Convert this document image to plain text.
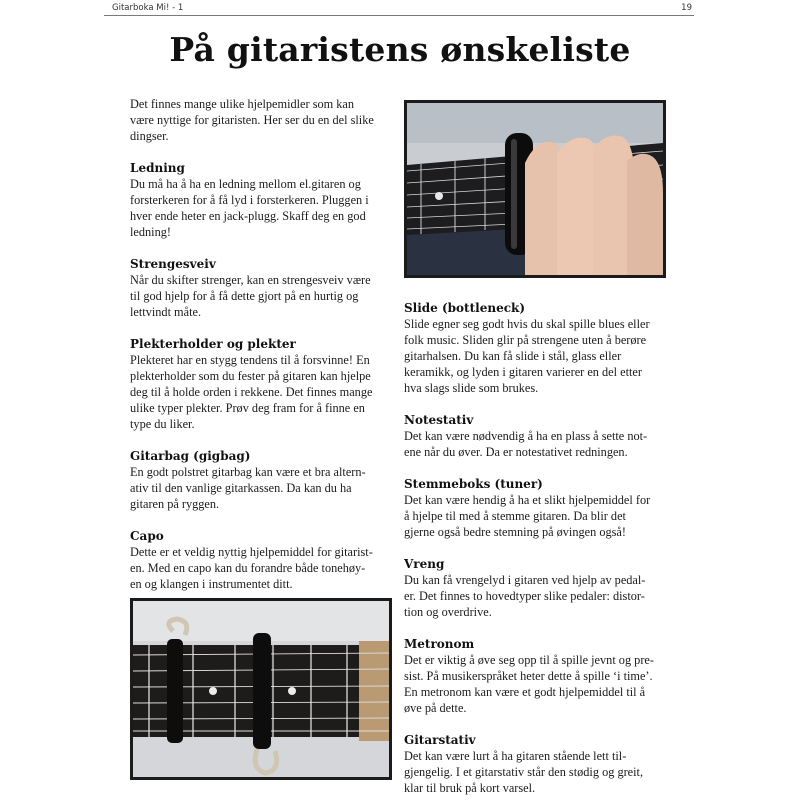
Gitarboka Mi! - 1	19
På gitaristens ønskeliste

Det finnes mange ulike hjelpemidler som kan
være nyttige for gitaristen. Her ser du en del slike
dingser.

Ledning

Du må ha å ha en ledning mellom el.gitaren og
forsterkeren for å få lyd i forsterkeren. Pluggen i
hver ende heter en jack-plugg. Skaff deg en god
ledning!

Strengesveiv

Når du skifter strenger, kan en strengesveiv være
til god hjelp for å få dette gjort på en hurtig og
lettvindt måte.

Plekterholder og plekter

Plekteret har en stygg tendens til å forsvinne! En
plekterholder som du fester på gitaren kan hjelpe
deg til å holde orden i rekkene. Det finnes mange
ulike typer plekter. Prøv deg fram for å finne en
type du liker.

Gitarbag (gigbag)

En godt polstret gitarbag kan være et bra altern-
ativ til den vanlige gitarkassen. Da kan du ha
gitaren på ryggen.

Capo

Dette er et veldig nyttig hjelpemiddel for gitarist-
en. Med en capo kan du forandre både tonehøy-
en og klangen i instrumentet ditt.

Slide (bottleneck)

Slide egner seg godt hvis du skal spille blues eller
folk music. Sliden glir på strengene uten å berøre
gitarhalsen. Du kan få slide i stål, glass eller
keramikk, og lyden i gitaren varierer en del etter
hva slags slide som brukes.

Notestativ

Det kan være nødvendig å ha en plass å sette not-
ene når du øver. Da er notestativet redningen.

Stemmeboks (tuner)

Det kan være hendig å ha et slikt hjelpemiddel for
å hjelpe til med å stemme gitaren. Da blir det
gjerne også bedre stemning på øvingen også!

Vreng

Du kan få vrengelyd i gitaren ved hjelp av pedal-
er. Det finnes to hovedtyper slike pedaler: distor-
tion og overdrive.

Metronom

Det er viktig å øve seg opp til å spille jevnt og pre-
sist. På musikerspråket heter dette å spille ‘i time’.
En metronom kan være et godt hjelpemiddel til å
øve på dette.

Gitarstativ

Det kan være lurt å ha gitaren stående lett til-
gjengelig. I et gitarstativ står den stødig og greit,
klar til bruk på kort varsel.
